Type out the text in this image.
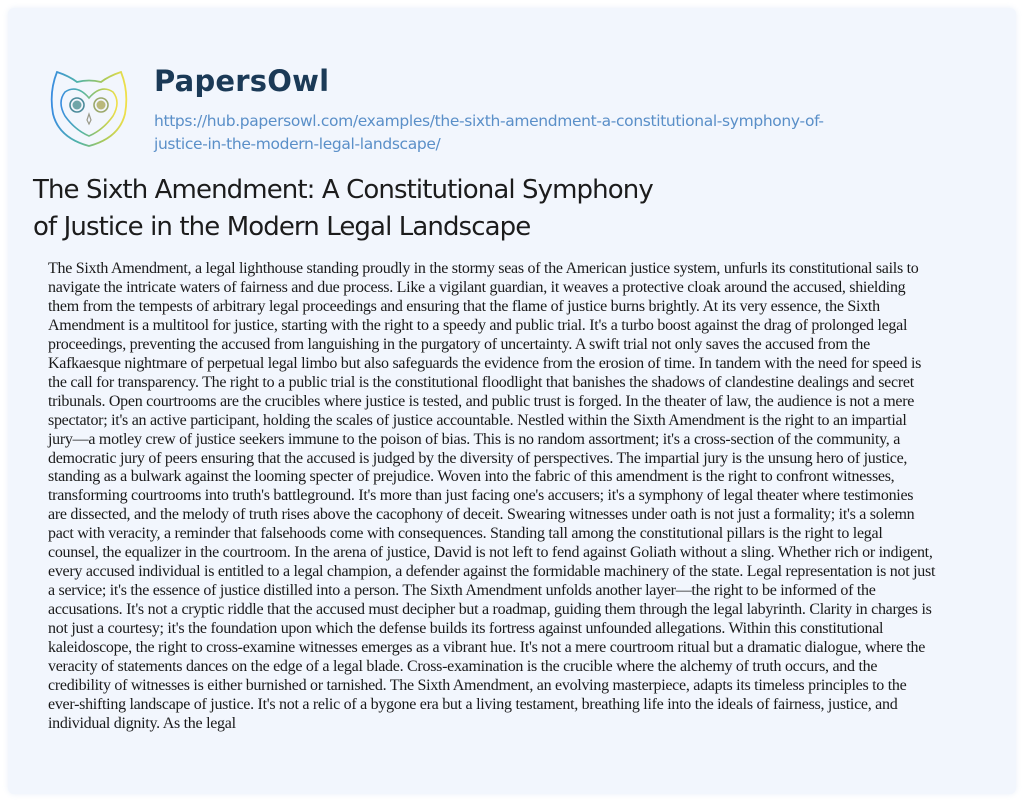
PapersOwl
https://hub.papersowl.com/examples/the-sixth-amendment-a-constitutional-symphony-of-
justice-in-the-modern-legal-landscape/
The Sixth Amendment: A Constitutional Symphony
of Justice in the Modern Legal Landscape
The Sixth Amendment, a legal lighthouse standing proudly in the stormy seas of the American justice system, unfurls its constitutional sails to
navigate the intricate waters of fairness and due process. Like a vigilant guardian, it weaves a protective cloak around the accused, shielding
them from the tempests of arbitrary legal proceedings and ensuring that the flame of justice burns brightly. At its very essence, the Sixth
Amendment is a multitool for justice, starting with the right to a speedy and public trial. It's a turbo boost against the drag of prolonged legal
proceedings, preventing the accused from languishing in the purgatory of uncertainty. A swift trial not only saves the accused from the
Kafkaesque nightmare of perpetual legal limbo but also safeguards the evidence from the erosion of time. In tandem with the need for speed is
the call for transparency. The right to a public trial is the constitutional floodlight that banishes the shadows of clandestine dealings and secret
tribunals. Open courtrooms are the crucibles where justice is tested, and public trust is forged. In the theater of law, the audience is not a mere
spectator; it's an active participant, holding the scales of justice accountable. Nestled within the Sixth Amendment is the right to an impartial
jury—a motley crew of justice seekers immune to the poison of bias. This is no random assortment; it's a cross-section of the community, a
democratic jury of peers ensuring that the accused is judged by the diversity of perspectives. The impartial jury is the unsung hero of justice,
standing as a bulwark against the looming specter of prejudice. Woven into the fabric of this amendment is the right to confront witnesses,
transforming courtrooms into truth's battleground. It's more than just facing one's accusers; it's a symphony of legal theater where testimonies
are dissected, and the melody of truth rises above the cacophony of deceit. Swearing witnesses under oath is not just a formality; it's a solemn
pact with veracity, a reminder that falsehoods come with consequences. Standing tall among the constitutional pillars is the right to legal
counsel, the equalizer in the courtroom. In the arena of justice, David is not left to fend against Goliath without a sling. Whether rich or indigent,
every accused individual is entitled to a legal champion, a defender against the formidable machinery of the state. Legal representation is not just
a service; it's the essence of justice distilled into a person. The Sixth Amendment unfolds another layer—the right to be informed of the
accusations. It's not a cryptic riddle that the accused must decipher but a roadmap, guiding them through the legal labyrinth. Clarity in charges is
not just a courtesy; it's the foundation upon which the defense builds its fortress against unfounded allegations. Within this constitutional
kaleidoscope, the right to cross-examine witnesses emerges as a vibrant hue. It's not a mere courtroom ritual but a dramatic dialogue, where the
veracity of statements dances on the edge of a legal blade. Cross-examination is the crucible where the alchemy of truth occurs, and the
credibility of witnesses is either burnished or tarnished. The Sixth Amendment, an evolving masterpiece, adapts its timeless principles to the
ever-shifting landscape of justice. It's not a relic of a bygone era but a living testament, breathing life into the ideals of fairness, justice, and
individual dignity. As the legal
